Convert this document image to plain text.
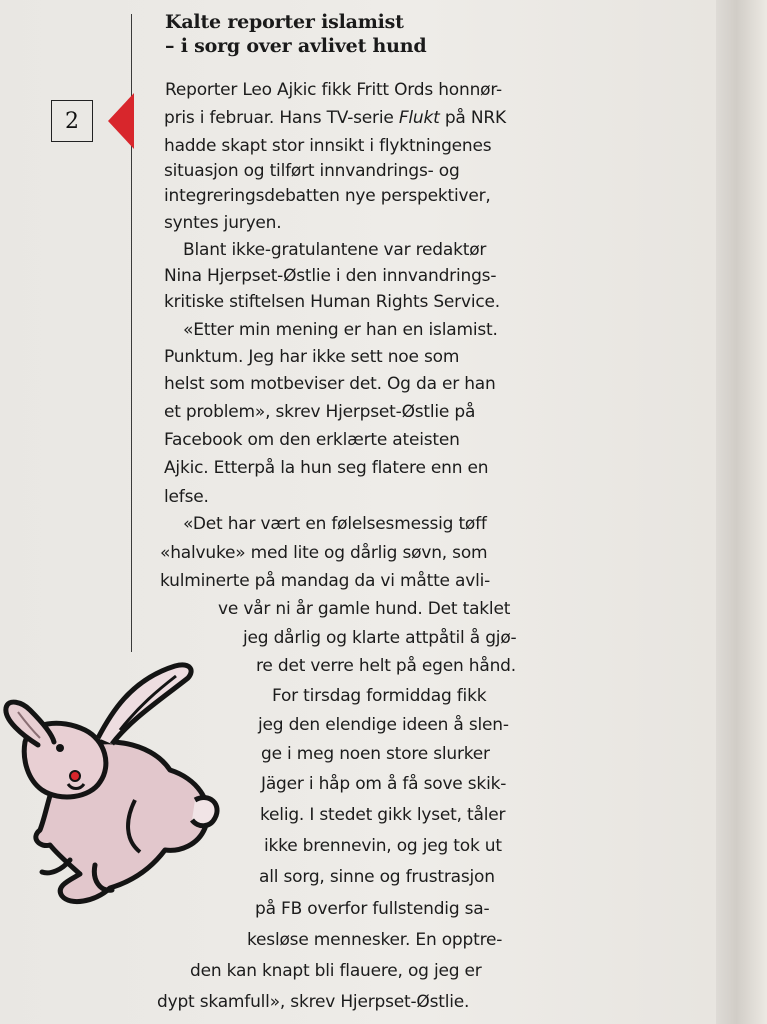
2
Kalte reporter islamist
– i sorg over avlivet hund
Reporter Leo Ajkic fikk Fritt Ords honnør-
pris i februar. Hans TV-serie Flukt på NRK
hadde skapt stor innsikt i flyktningenes
situasjon og tilført innvandrings- og
integreringsdebatten nye perspektiver,
syntes juryen.
Blant ikke-gratulantene var redaktør
Nina Hjerpset-Østlie i den innvandrings-
kritiske stiftelsen Human Rights Service.
«Etter min mening er han en islamist.
Punktum. Jeg har ikke sett noe som
helst som motbeviser det. Og da er han
et problem», skrev Hjerpset-Østlie på
Facebook om den erklærte ateisten
Ajkic. Etterpå la hun seg flatere enn en
lefse.
«Det har vært en følelsesmessig tøff
«halvuke» med lite og dårlig søvn, som
kulminerte på mandag da vi måtte avli-
ve vår ni år gamle hund. Det taklet
jeg dårlig og klarte attpåtil å gjø-
re det verre helt på egen hånd.
For tirsdag formiddag fikk
jeg den elendige ideen å slen-
ge i meg noen store slurker
Jäger i håp om å få sove skik-
kelig. I stedet gikk lyset, tåler
ikke brennevin, og jeg tok ut
all sorg, sinne og frustrasjon
på FB overfor fullstendig sa-
kesløse mennesker. En opptre-
den kan knapt bli flauere, og jeg er
dypt skamfull», skrev Hjerpset-Østlie.
